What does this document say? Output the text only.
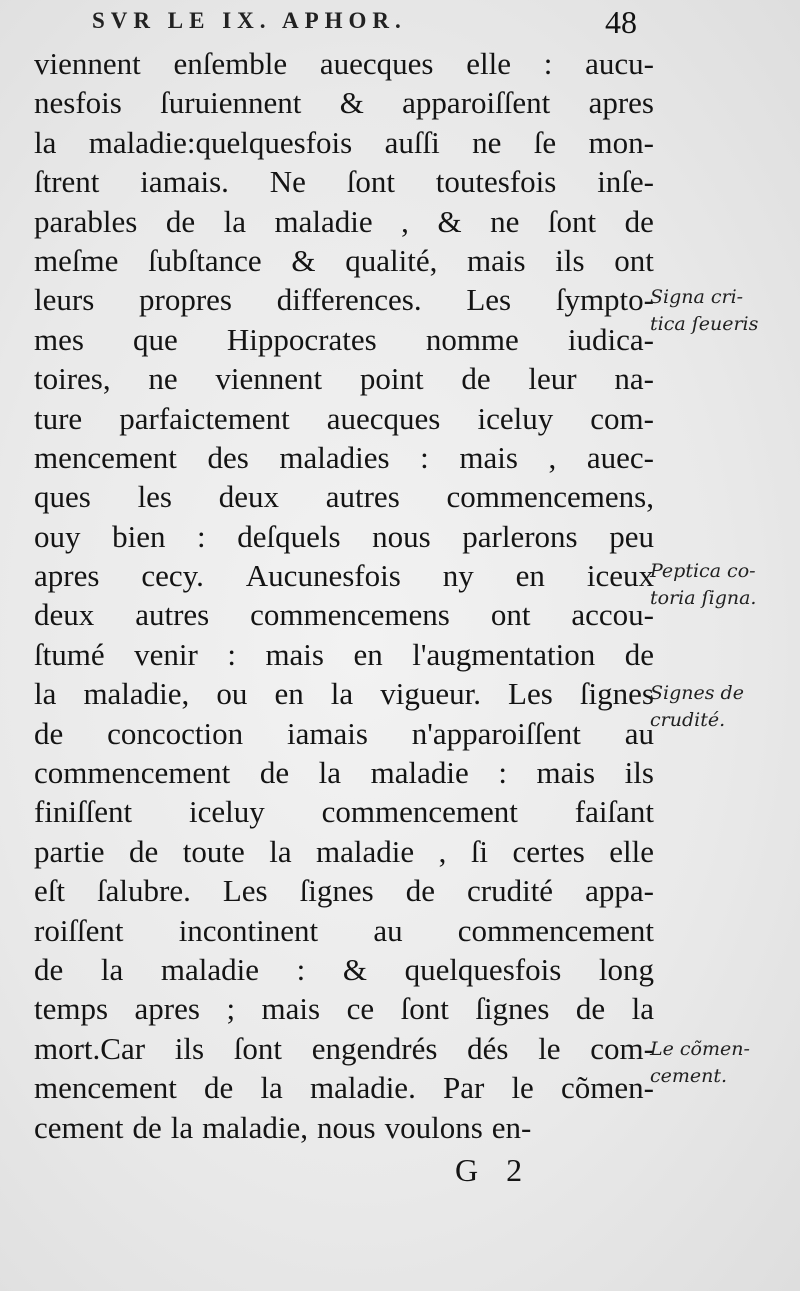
SVR LE IX. APHOR.	48
viennent enſemble auecques elle : aucu-
nesfois ſuruiennent & apparoiſſent apres
la maladie:quelquesfois auſſi ne ſe mon-
ſtrent iamais. Ne ſont toutesfois inſe-
parables de la maladie , & ne ſont de
meſme ſubſtance & qualité, mais ils ont
leurs propres differences. Les ſympto-
mes que Hippocrates nomme iudica-
toires, ne viennent point de leur na-
ture parfaictement auecques iceluy com-
mencement des maladies : mais , auec-
ques les deux autres commencemens,
ouy bien : deſquels nous parlerons peu
apres cecy. Aucunesfois ny en iceux
deux autres commencemens ont accou-
ſtumé venir : mais en l'augmentation de
la maladie, ou en la vigueur. Les ſignes
de concoction iamais n'apparoiſſent au
commencement de la maladie : mais ils
finiſſent iceluy commencement faiſant
partie de toute la maladie , ſi certes elle
eſt ſalubre. Les ſignes de crudité appa-
roiſſent incontinent au commencement
de la maladie : & quelquesfois long
temps apres ; mais ce ſont ſignes de la
mort.Car ils ſont engendrés dés le com-
mencement de la maladie. Par le cõmen-
cement de la maladie, nous voulons en-
Signa cri-
tica ſeueris
Peptica co-
toria ſigna.
Signes de
crudité.
Le cõmen-
cement.
G 2
